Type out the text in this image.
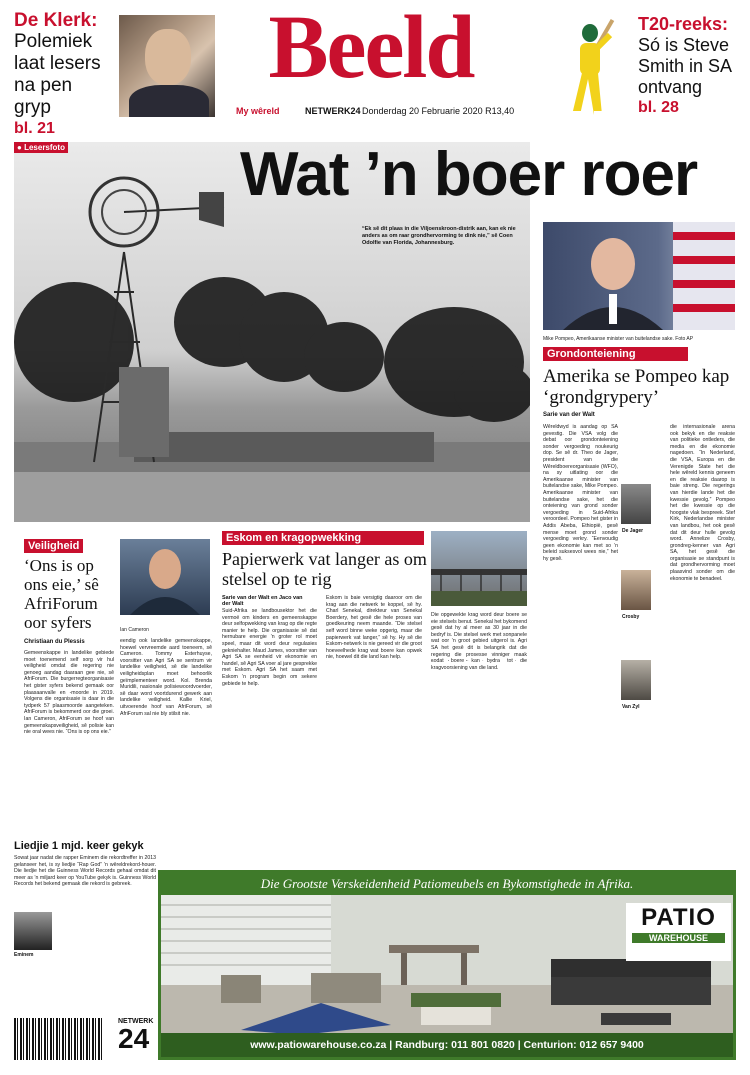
De Klerk:
Polemiek laat lesers na pen gryp
bl. 21
Beeld
My wêreld	NETWERK24 Donderdag 20 Februarie 2020 R13,40
T20-reeks:
Só is Steve Smith in SA ontvang
bl. 28
● Lesersfoto	Wat ’n boer roer
“Ek sê dit plaas in die Viljoenskroon-distrik aan, kan ek nie anders as om raar grondhervorming te dink nie,” sê Coen Odolfie van Florida, Johannesburg.
Mike Pompeo, Amerikaanse minister van buitelandse sake. Foto AP
Grondonteiening
Amerika se Pompeo kap ‘grondgrypery’
Sarie van der Walt
Wêreldwyd is aandag op SA gevestig. Die VSA volg die debat oor grondonteiening sonder vergoeding noukeurig dop. Se sê dr. Theo de Jager, president van die Wêreldboereorganisasie (WFO), na sy uitlating oor die Amerikaanse minister van buitelandse sake, Mike Pompeo. Amerikaanse minister van buitelandse sake, het die onteiening van grond sonder vergoeding in Suid-Afrika veroordeel. Pompeo het gister in Addis Abeba, Ethiopië, gesê mense moet grond sonder vergoeding verkry. “Eenvoudig geen ekonomie kan met so ’n beleid suksesvol wees nie,” het hy gesê.
die internasionale arena ook bekyk en die reaksie van politieke ontleders, die media en die ekonomie nagedoen. “In Nederland, die VSA, Europa en die Verenigde State het die hele wêreld kennis geneem en die reaksie daarop is baie streng. Die regerings van hierdie lande het die kwessie gevolg.” Pompeo het die kwessie op die hoogste vlak bespreek. Stef Kirk, Nederlandse minister van landbou, het ook gesê dat dit deur hulle gevolg word. Annelize Crosby, grondreg-kenner van Agri SA, het gesê die organisasie se standpunt is dat grondhervorming moet plaasvind sonder om die ekonomie te benadeel.
De Jager
Crosby
Van Zyl
Veiligheid
‘Ons is op ons eie,’ sê AfriForum oor syfers	Ian Cameron
Christiaan du Plessis
Gemeenskappe in landelike gebiede moet toenemend self sorg vir hul veiligheid omdat die regering nie genoeg aandag daaraan gee nie, sê AfriForum. Die burgerregteorganisasie het gister syfers bekend gemaak oor plaasaanvalle en -moorde in 2019. Volgens die organisasie is daar in die tydperk 57 plaasmoorde aangeteken. AfriForum is bekommerd oor die groei. Ian Cameron, AfriForum se hoof van gemeenskapsveiligheid, sê polisie kan nie oral wees nie. “Ons is op ons eie.”
eendig ook landelike gemeenskappe, hoewel vervreemde aard toeneem, sê Cameron. Tommy Esterhuyse, voorsitter van Agri SA se sentrum vir landelike veiligheid, sê die landelike veiligheidsplan moet behoorlik geïmplementeer word. Kol. Brenda Muridili, nasionale polisiewoordvoerder, sê daar word voortdurend gewerk aan landelike veiligheid. Kallie Kriel, uitvoerende hoof van AfriForum, sê AfriForum sal nie bly stilsit nie.
Eskom en kragopwekking
Papierwerk vat langer as om stelsel op te rig
Sarie van der Walt en Jaco van der Walt
Suid-Afrika se landbousektor het die vermoë om kinders en gemeenskappe deur selfopwekking van krag op die regte manier te help. Die organisasie sê dat hernubare energie ’n groter rol moet speel, maar dit word deur regulasies gekniehalter. Maud James, voorsitter van Agri SA se eenheid vir ekonomie en handel, sê Agri SA voer al jare gesprekke met Eskom. Agri SA het saam met Eskom ’n program begin om sekere gebiede te help.
Eskom is baie versigtig daaroor om die krag aan die netwerk te koppel, sê hy. Charl Senekal, direkteur van Senekal Boerdery, het gesê die hele proses van goedkeuring neem maande. “Die stelsel self word binne weke opgerig, maar die papierwerk vat langer,” sê hy. Hy sê die Eskom-netwerk is nie gereed vir die groot hoeveelhede krag wat boere kan opwek nie, hoewel dit die land kan help.
Die opgewekte krag word deur boere se eie stelsels benut. Senekal het bykomend gesê dat hy al meer as 30 jaar in die bedryf is. Die stelsel werk met sonpanele wat oor ’n groot gebied uitgerol is. Agri SA het gesê dit is belangrik dat die regering die prosesse vinniger maak sodat boere kan bydra tot die kragvoorsiening van die land.
Liedjie 1 mjd. keer gekyk
Sowat jaar nadat die rapper Eminem die rekordtreffer in 2013 gelanseer het, is sy liedjie “Rap God” ’n wêreldrekord-houer. Die liedjie het die Guinness World Records gehaal omdat dit meer as ’n miljard keer op YouTube gekyk is. Guinness World Records het bekend gemaak die rekord is gebreek.
Eminem
NETWERK
24
Die Grootste Verskeidenheid Patiomeubels en Bykomstighede in Afrika.
PATIO
WAREHOUSE
www.patiowarehouse.co.za | Randburg: 011 801 0820 | Centurion: 012 657 9400
